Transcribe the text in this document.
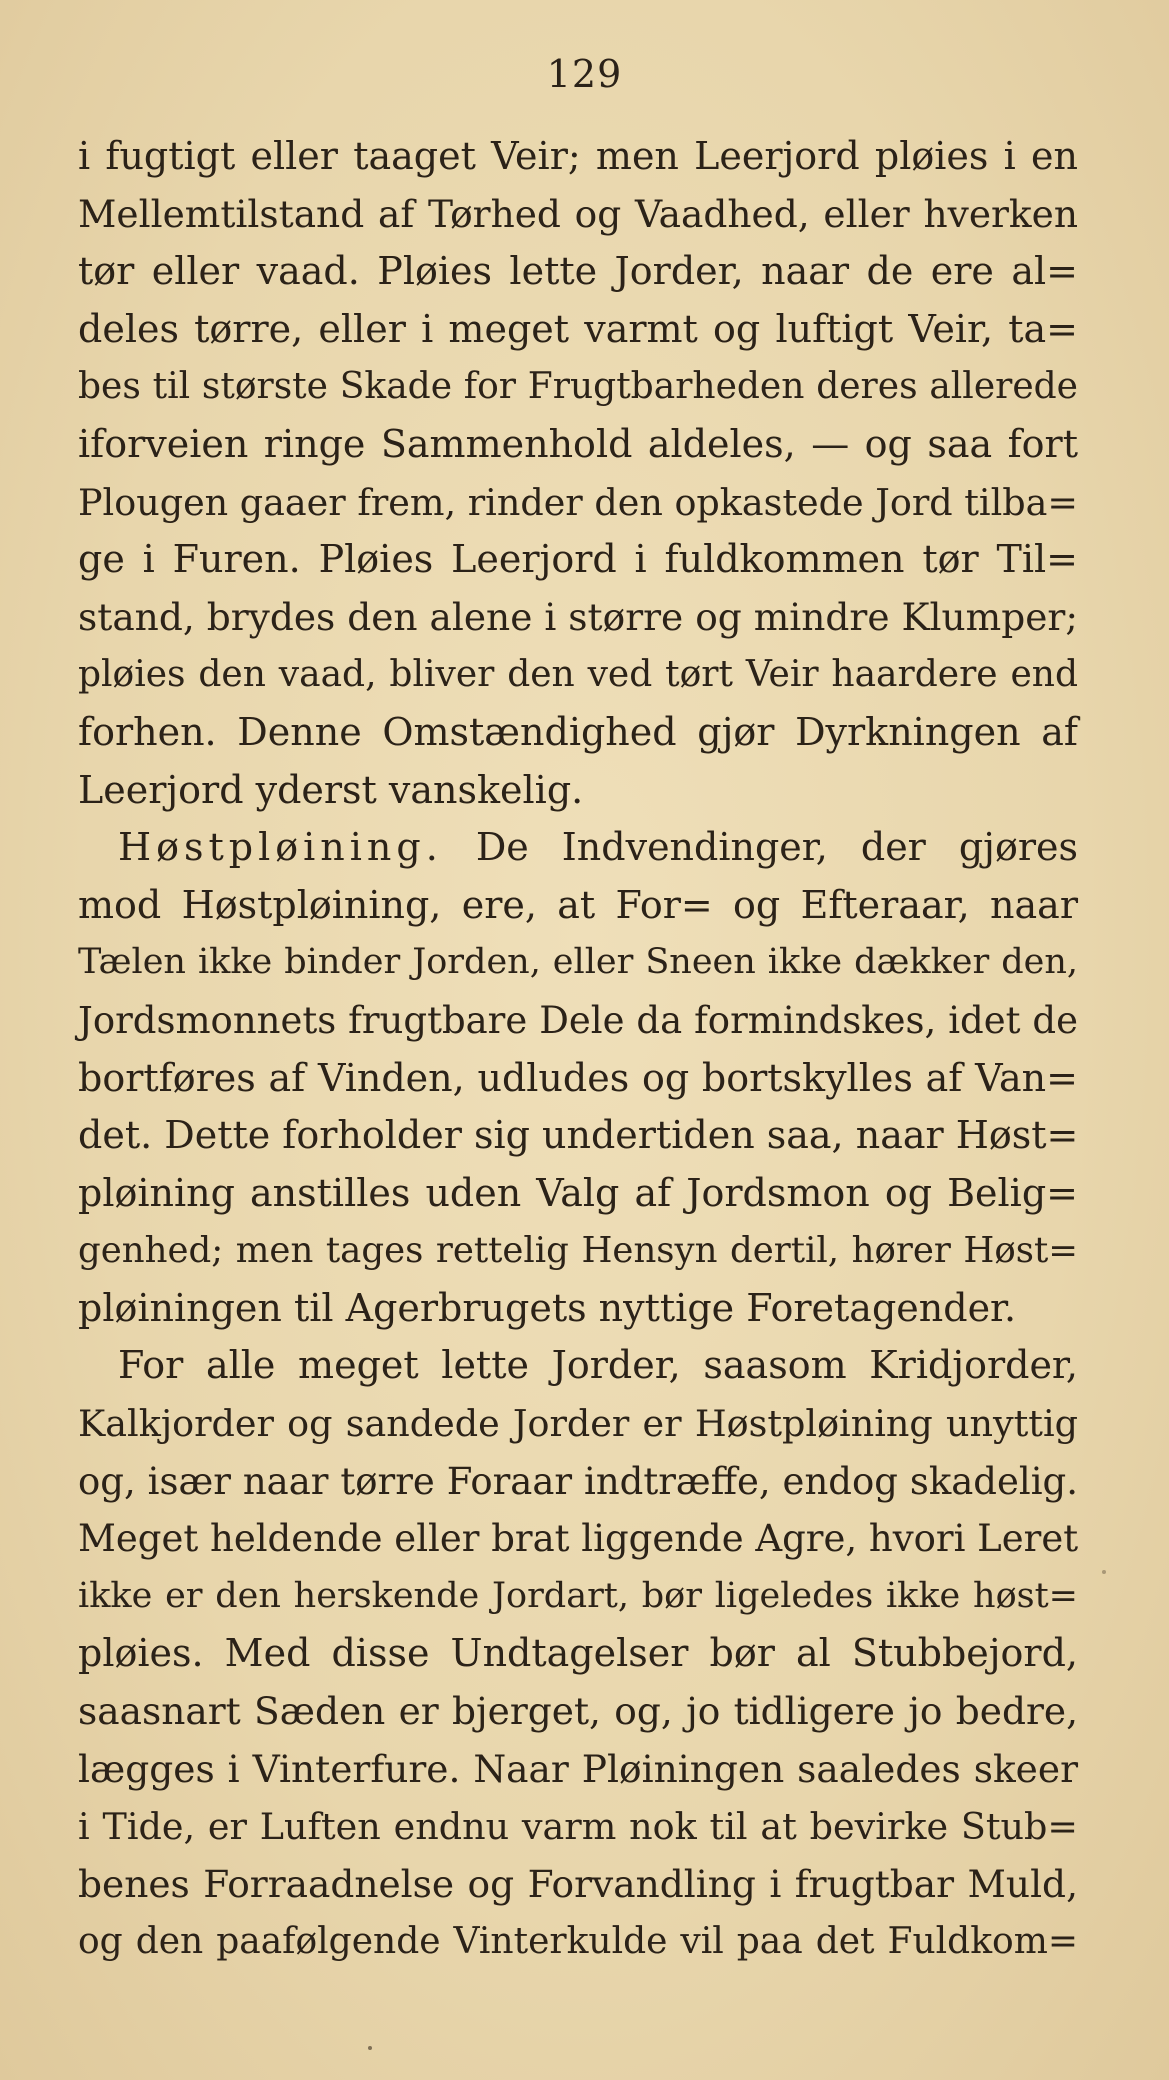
129
i fugtigt eller taaget Veir; men Leerjord pløies i en
Mellemtilstand af Tørhed og Vaadhed, eller hverken
tør eller vaad. Pløies lette Jorder, naar de ere al=
deles tørre, eller i meget varmt og luftigt Veir, ta=
bes til største Skade for Frugtbarheden deres allerede
iforveien ringe Sammenhold aldeles, — og saa fort
Plougen gaaer frem, rinder den opkastede Jord tilba=
ge i Furen. Pløies Leerjord i fuldkommen tør Til=
stand, brydes den alene i større og mindre Klumper;
pløies den vaad, bliver den ved tørt Veir haardere end
forhen. Denne Omstændighed gjør Dyrkningen af
Leerjord yderst vanskelig.
Høstpløining. De Indvendinger, der gjøres
mod Høstpløining, ere, at For= og Efteraar, naar
Tælen ikke binder Jorden, eller Sneen ikke dækker den,
Jordsmonnets frugtbare Dele da formindskes, idet de
bortføres af Vinden, udludes og bortskylles af Van=
det. Dette forholder sig undertiden saa, naar Høst=
pløining anstilles uden Valg af Jordsmon og Belig=
genhed; men tages rettelig Hensyn dertil, hører Høst=
pløiningen til Agerbrugets nyttige Foretagender.
For alle meget lette Jorder, saasom Kridjorder,
Kalkjorder og sandede Jorder er Høstpløining unyttig
og, især naar tørre Foraar indtræffe, endog skadelig.
Meget heldende eller brat liggende Agre, hvori Leret
ikke er den herskende Jordart, bør ligeledes ikke høst=
pløies. Med disse Undtagelser bør al Stubbejord,
saasnart Sæden er bjerget, og, jo tidligere jo bedre,
lægges i Vinterfure. Naar Pløiningen saaledes skeer
i Tide, er Luften endnu varm nok til at bevirke Stub=
benes Forraadnelse og Forvandling i frugtbar Muld,
og den paafølgende Vinterkulde vil paa det Fuldkom=
